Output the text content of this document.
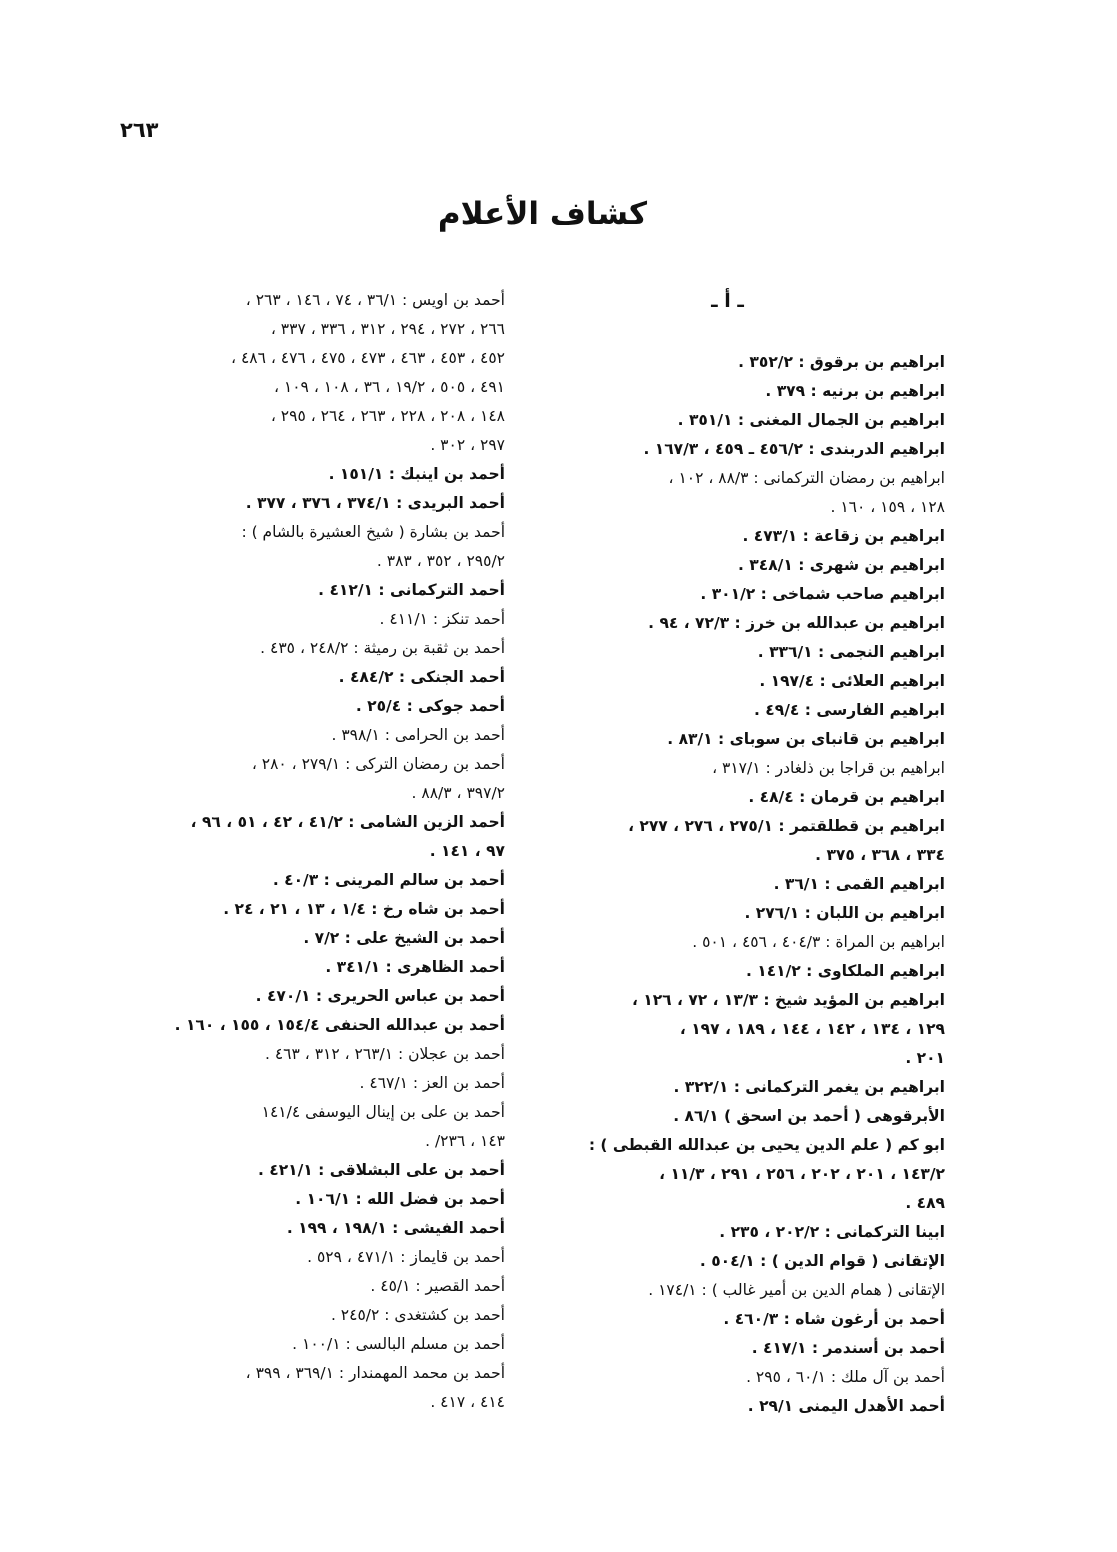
٢٦٣
كشاف الأعلام
ـ أ ـ
ابراهيم بن برقوق : ٣٥٢/٢ .
ابراهيم بن برنيه : ٣٧٩ .
ابراهيم بن الجمال المغنى : ٣٥١/١ .
ابراهيم الدربندى : ٤٥٦/٢ ـ ٤٥٩ ، ١٦٧/٣ .
ابراهيم بن رمضان التركمانى : ٨٨/٣ ، ١٠٢ ،
١٢٨ ، ١٥٩ ، ١٦٠ .
ابراهيم بن زقاعة : ٤٧٣/١ .
ابراهيم بن شهرى : ٣٤٨/١ .
ابراهيم صاحب شماخى : ٣٠١/٢ .
ابراهيم بن عبدالله بن خرز : ٧٢/٣ ، ٩٤ .
ابراهيم النجمى : ٣٣٦/١ .
ابراهيم العلائى : ١٩٧/٤ .
ابراهيم الفارسى : ٤٩/٤ .
ابراهيم بن قانباى بن سوباى : ٨٣/١ .
ابراهيم بن قراجا بن ذلغادر : ٣١٧/١ ،
ابراهيم بن قرمان : ٤٨/٤ .
ابراهيم بن قطلقتمر : ٢٧٥/١ ، ٢٧٦ ، ٢٧٧ ،
٣٣٤ ، ٣٦٨ ، ٣٧٥ .
ابراهيم القمى : ٣٦/١ .
ابراهيم بن اللبان : ٢٧٦/١ .
ابراهيم بن المراة : ٤٠٤/٣ ، ٤٥٦ ، ٥٠١ .
ابراهيم الملكاوى : ١٤١/٢ .
ابراهيم بن المؤيد شيخ : ١٣/٣ ، ٧٢ ، ١٢٦ ،
١٢٩ ، ١٣٤ ، ١٤٢ ، ١٤٤ ، ١٨٩ ، ١٩٧ ،
٢٠١ .
ابراهيم بن يغمر التركمانى : ٣٢٢/١ .
الأبرقوهى ( أحمد بن اسحق ) ٨٦/١ .
ابو كم ( علم الدين يحيى بن عبدالله القبطى ) :
١٤٣/٢ ، ٢٠١ ، ٢٠٢ ، ٢٥٦ ، ٢٩١ ، ١١/٣ ،
٤٨٩ .
ابينا التركمانى : ٢٠٢/٢ ، ٢٣٥ .
الإتقانى ( قوام الدين ) : ٥٠٤/١ .
الإتقانى ( همام الدين بن أمير غالب ) : ١٧٤/١ .
أحمد بن أرغون شاه : ٤٦٠/٣ .
أحمد بن أسندمر : ٤١٧/١ .
أحمد بن آل ملك : ٦٠/١ ، ٢٩٥ .
أحمد الأهدل اليمنى ٢٩/١ .
أحمد بن اويس : ٣٦/١ ، ٧٤ ، ١٤٦ ، ٢٦٣ ،
٢٦٦ ، ٢٧٢ ، ٢٩٤ ، ٣١٢ ، ٣٣٦ ، ٣٣٧ ،
٤٥٢ ، ٤٥٣ ، ٤٦٣ ، ٤٧٣ ، ٤٧٥ ، ٤٧٦ ، ٤٨٦ ،
٤٩١ ، ٥٠٥ ، ١٩/٢ ، ٣٦ ، ١٠٨ ، ١٠٩ ،
١٤٨ ، ٢٠٨ ، ٢٢٨ ، ٢٦٣ ، ٢٦٤ ، ٢٩٥ ،
٢٩٧ ، ٣٠٢ .
أحمد بن اينبك : ١٥١/١ .
أحمد البريدى : ٣٧٤/١ ، ٣٧٦ ، ٣٧٧ .
أحمد بن بشارة ( شيخ العشيرة بالشام ) :
٢٩٥/٢ ، ٣٥٢ ، ٣٨٣ .
أحمد التركمانى : ٤١٢/١ .
أحمد تنكز : ٤١١/١ .
أحمد بن ثقبة بن رميثة : ٢٤٨/٢ ، ٤٣٥ .
أحمد الجنكى : ٤٨٤/٢ .
أحمد جوكى : ٢٥/٤ .
أحمد بن الحرامى : ٣٩٨/١ .
أحمد بن رمضان التركى : ٢٧٩/١ ، ٢٨٠ ،
٣٩٧/٢ ، ٨٨/٣ .
أحمد الزين الشامى : ٤١/٢ ، ٤٢ ، ٥١ ، ٩٦ ،
٩٧ ، ١٤١ .
أحمد بن سالم المرينى : ٤٠/٣ .
أحمد بن شاه رخ : ١/٤ ، ١٣ ، ٢١ ، ٢٤ .
أحمد بن الشيخ على : ٧/٢ .
أحمد الظاهرى : ٣٤١/١ .
أحمد بن عباس الحريرى : ٤٧٠/١ .
أحمد بن عبدالله الحنفى ١٥٤/٤ ، ١٥٥ ، ١٦٠ .
أحمد بن عجلان : ٢٦٣/١ ، ٣١٢ ، ٤٦٣ .
أحمد بن العز : ٤٦٧/١ .
أحمد بن على بن إينال اليوسفى ١٤١/٤
١٤٣ ، ٢٣٦/ .
أحمد بن على البشلاقى : ٤٢١/١ .
أحمد بن فضل الله : ١٠٦/١ .
أحمد الفيشى : ١٩٨/١ ، ١٩٩ .
أحمد بن قايماز : ٤٧١/١ ، ٥٢٩ .
أحمد القصير : ٤٥/١ .
أحمد بن كشتغدى : ٢٤٥/٢ .
أحمد بن مسلم البالسى : ١٠٠/١ .
أحمد بن محمد المهمندار : ٣٦٩/١ ، ٣٩٩ ،
٤١٤ ، ٤١٧ .
